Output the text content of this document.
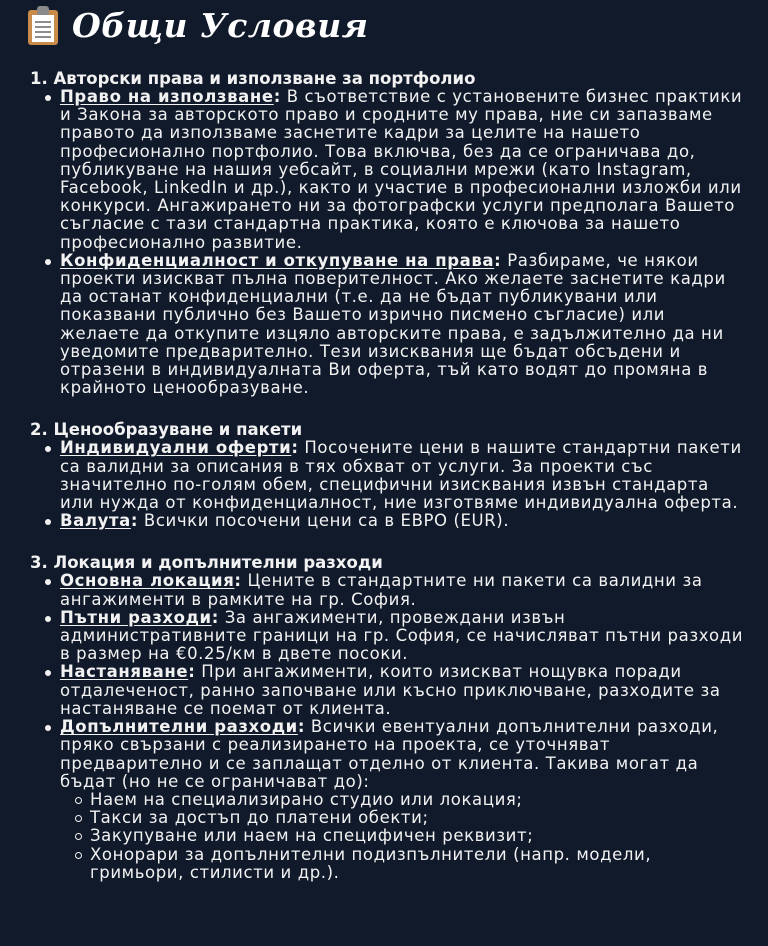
Общи Условия

1. Авторски права и използване за портфолио

Право на използване: В съответствие с установените бизнес практики и Закона за авторското право и сродните му права, ние си запазваме правото да използваме заснетите кадри за целите на нашето професионално портфолио. Това включва, без да се ограничава до, публикуване на нашия уебсайт, в социални мрежи (като Instagram, Facebook, LinkedIn и др.), както и участие в професионални изложби или конкурси. Ангажирането ни за фотографски услуги предполага Вашето съгласие с тази стандартна практика, която е ключова за нашето професионално развитие.
Конфиденциалност и откупуване на права: Разбираме, че някои проекти изискват пълна поверителност. Ако желаете заснетите кадри да останат конфиденциални (т.е. да не бъдат публикувани или показвани публично без Вашето изрично писмено съгласие) или желаете да откупите изцяло авторските права, е задължително да ни уведомите предварително. Тези изисквания ще бъдат обсъдени и отразени в индивидуалната Ви оферта, тъй като водят до промяна в крайното ценообразуване.

2. Ценообразуване и пакети

Индивидуални оферти: Посочените цени в нашите стандартни пакети са валидни за описания в тях обхват от услуги. За проекти със значително по-голям обем, специфични изисквания извън стандарта или нужда от конфиденциалност, ние изготвяме индивидуална оферта.
Валута: Всички посочени цени са в ЕВРО (EUR).

3. Локация и допълнителни разходи

Основна локация: Цените в стандартните ни пакети са валидни за ангажименти в рамките на гр. София.
Пътни разходи: За ангажименти, провеждани извън административните граници на гр. София, се начисляват пътни разходи в размер на €0.25/км в двете посоки.
Настаняване: При ангажименти, които изискват нощувка поради отдалеченост, ранно започване или късно приключване, разходите за настаняване се поемат от клиента.
Допълнителни разходи: Всички евентуални допълнителни разходи, пряко свързани с реализирането на проекта, се уточняват предварително и се заплащат отделно от клиента. Такива могат да бъдат (но не се ограничават до):
Наем на специализирано студио или локация;
Такси за достъп до платени обекти;
Закупуване или наем на специфичен реквизит;
Хонорари за допълнителни подизпълнители (напр. модели, гримьори, стилисти и др.).
